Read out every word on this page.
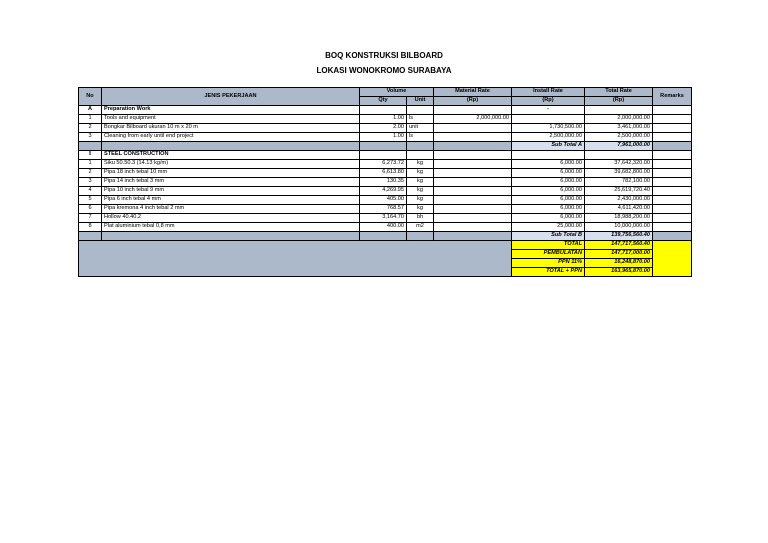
BOQ KONSTRUKSI BILBOARD
LOKASI WONOKROMO SURABAYA
No	JENIS PEKERJAAN	Volume		Material Rate	Install Rate	Total Rate	Remarks
		Qty	Unit	(Rp)	(Rp)	(Rp)	
A	Preparation Work				-		
1	Tools and equipment	1.00	ls	2,000,000.00		2,000,000.00	
2	Bongkar Bilboard ukuran 10 m x 20 m	2.00	unit		1,730,500.00	3,461,000.00	
3	Cleaning from early until end project	1.00	ls		2,500,000.00	2,500,000.00	
					Sub Total A	7,961,000.00	
II	STEEL CONSTRUCTION						
1	Siku 50.50.3 (14.13 kg/m)	6,273.72	kg		6,000.00	37,642,320.00	
2	Pipa 18 inch tebal 10 mm	6,613.80	kg		6,000.00	39,682,800.00	
3	Pipa 14 inch tebal 3 mm	130.35	kg		6,000.00	782,100.00	
4	Pipa 10 inch tebal 9 mm	4,269.95	kg		6,000.00	25,619,720.40	
5	Pipa 6 inch tebal 4 mm	405.00	kg		6,000.00	2,430,000.00	
6	Pipa kremona 4 inch tebal 2 mm	768.57	kg		6,000.00	4,611,420.00	
7	Hollow 40.40.2	3,164.70	bh		6,000.00	18,988,200.00	
8	Plat aluminium tebal 0,8 mm	400.00	m2		25,000.00	10,000,000.00	
					Sub Total B	139,756,560.40	
					TOTAL	147,717,560.40	
					PEMBULATAN	147,717,000.00	
					PPN 11%	16,248,870.00	
					TOTAL + PPN	163,965,870.00	
